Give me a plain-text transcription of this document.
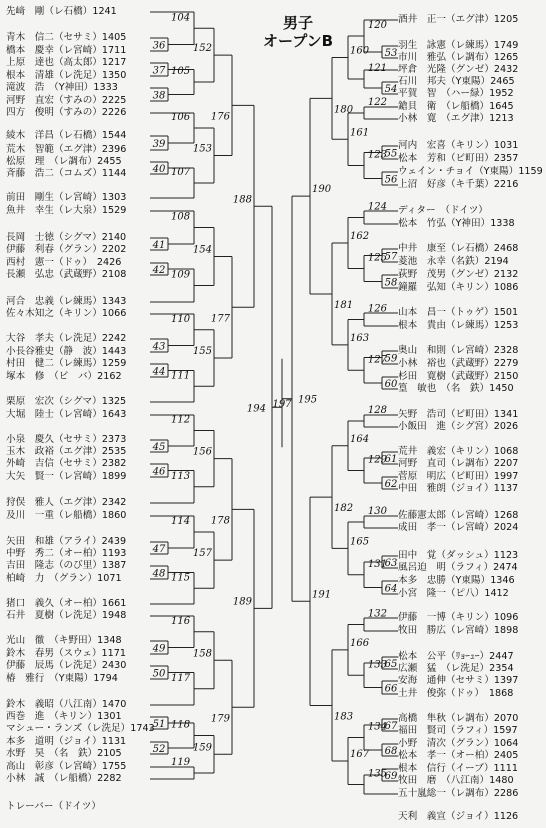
男子
オープンB
先﨑　剛（レ石橋）1241
青木　信二（セサミ）1405
橋本　慶幸（レ宮崎）1711
上原　達也（高太郎）1217
根本　清雄（レ洗足）1350
滝波　浩　（Y神田）1333
河野　直宏（すみの）2225
四方　俊明（すみの）2226
綾木　洋昌（レ石橋）1544
荒木　智範（エグ津）2396
松原　理　（レ調布）2455
斉藤　浩二（コムズ）1144
前田　剛生（レ宮崎）1303
魚井　幸生（レ大泉）1529
長岡　士徳（シグマ）2140
伊藤　利春（グラン）2202
西村　憲一（ドゥ）　2426
長瀬　弘忠（武蔵野）2108
河合　忠義（レ練馬）1343
佐々木知之（キリン）1066
大谷　孝夫（レ洗足）2242
小長谷雅史（静　波）1443
村田　健二（レ練馬）1259
塚本　修　（ビ　バ）2162
栗原　宏次（シグマ）1325
大堀　陸士（レ宮崎）1643
小泉　慶久（セサミ）2373
玉木　政裕（エグ津）2535
外崎　吉信（セサミ）2382
大矢　賢一（レ宮崎）1899
狩俣　雅人（エグ津）2342
及川　一重（レ船橋）1860
矢田　和雄（アライ）2439
中野　秀二（オー柏）1193
吉田　隆志（のび里）1387
柏崎　力　（グラン）1071
猪口　義久（オー柏）1661
石井　夏樹（レ洗足）1948
光山　徹　（キ野田）1348
鈴木　春男（スウェ）1171
伊藤　辰馬（レ洗足）2430
椿　雅行　（Y東陽）1794
鈴木　義昭（八江南）1470
西巻　進　（キリン）1301
マシュー・ランズ（レ洗足）1743
本多　道明（ジョイ）1131
水野　昊　（名　鉄）2105
高山　彰彦（レ宮崎）1755
小林　誠　（レ船橋）2282
トレーバー（ドイツ）
酒井　正一（エグ津）1205
羽生　詠憲（レ練馬）1749
市川　雅弘（レ調布）1265
坪倉　光隆（グンゼ）2432
石川　邦夫（Y東陽）2465
平賀　智　（ハー緑）1952
鎗貝　衛　（レ船橋）1645
小林　寛　（エグ津）1213
河内　宏喜（キリン）1031
松本　芳和（ビ町田）2357
ウェイン・チョイ（Y東陽）1159
上沼　好彦（キ千葉）2216
ディター　（ドイツ）
松本　竹弘（Y神田）1338
中井　康至（レ石橋）2468
菱池　永幸（名鉄）2194
荻野　茂男（グンゼ）2132
鐘羅　弘知（キリン）1086
山本　昌一（トゥゲ）1501
根本　貴由（レ練馬）1253
奥山　和則（レ宮崎）2328
小林　裕也（武蔵野）2279
杉田　寛樹（武蔵野）2150
篁　敏也　（名　鉄）1450
矢野　浩司（ビ町田）1341
小飯田　進（シグ宮）2026
荒井　義宏（キリン）1068
河野　直司（レ調布）2207
菅原　明広（ビ町田）1997
中田　雅朗（ジョイ）1137
佐藤憲太郎（レ宮崎）1268
成田　孝一（レ宮崎）2024
田中　覚（ダッシュ）1123
風呂迫　明（ラフィ）2474
本多　忠勝（Y東陽）1346
小宮　隆一（ピ八）1412
伊藤　一博（キリン）1096
牧田　勝広（レ宮崎）1898
松本　公平（ﾘｮｰｭｰ）2447
広瀬　猛　（レ洗足）2354
安海　通伸（セサミ）1397
土井　俊弥（ドゥ）　1868
高橋　隼秋（レ調布）2070
福田　賢司（ラフィ）1597
小野　清次（グラン）1064
松本　孝一（オー柏）2405
根本　信行（イーブ）1111
牧田　磨　（八江南）1480
五十嵐総一（レ調布）2286
天利　義宣（ジョイ）1126
36
37
38
39
40
41
42
43
44
45
46
47
48
49
50
51
52
104
105
106
107
108
109
110
111
112
113
114
115
116
117
118
119
152
153
154
155
156
157
158
159
176
177
178
179
188
189
194
53
54
55
56
57
58
59
60
61
62
63
64
65
66
67
68
69
120
121
122
123
124
125
126
127
128
129
130
131
132
133
134
135
160
161
162
163
164
165
166
167
180
181
182
183
190
191
195
197
